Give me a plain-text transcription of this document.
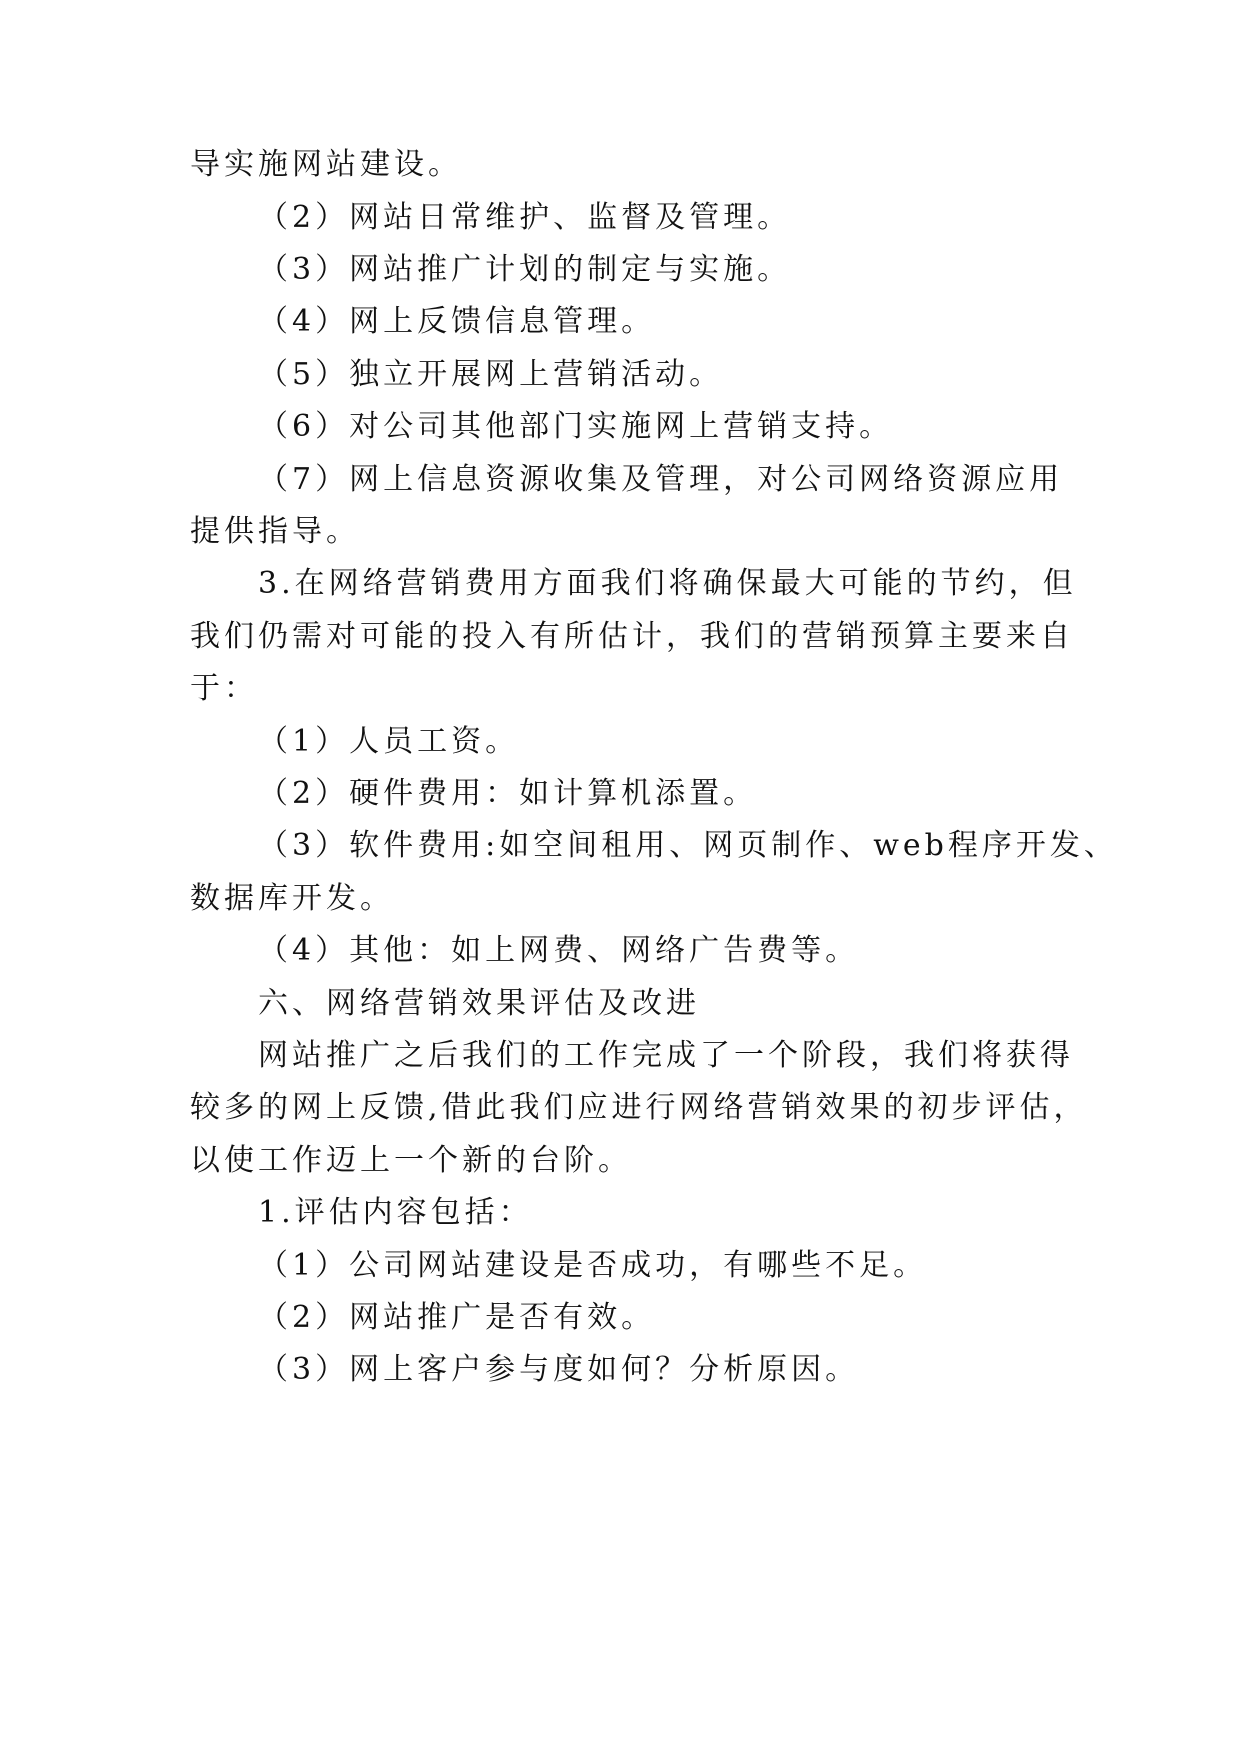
导实施网站建设。
（2）网站日常维护、监督及管理。
（3）网站推广计划的制定与实施。
（4）网上反馈信息管理。
（5）独立开展网上营销活动。
（6）对公司其他部门实施网上营销支持。
（7）网上信息资源收集及管理，对公司网络资源应用
提供指导。
3.在网络营销费用方面我们将确保最大可能的节约，但
我们仍需对可能的投入有所估计，我们的营销预算主要来自
于：
（1）人员工资。
（2）硬件费用：如计算机添置。
（3）软件费用:如空间租用、网页制作、web程序开发、
数据库开发。
（4）其他：如上网费、网络广告费等。
六、网络营销效果评估及改进
网站推广之后我们的工作完成了一个阶段，我们将获得
较多的网上反馈,借此我们应进行网络营销效果的初步评估，
以使工作迈上一个新的台阶。
1.评估内容包括：
（1）公司网站建设是否成功，有哪些不足。
（2）网站推广是否有效。
（3）网上客户参与度如何？分析原因。
